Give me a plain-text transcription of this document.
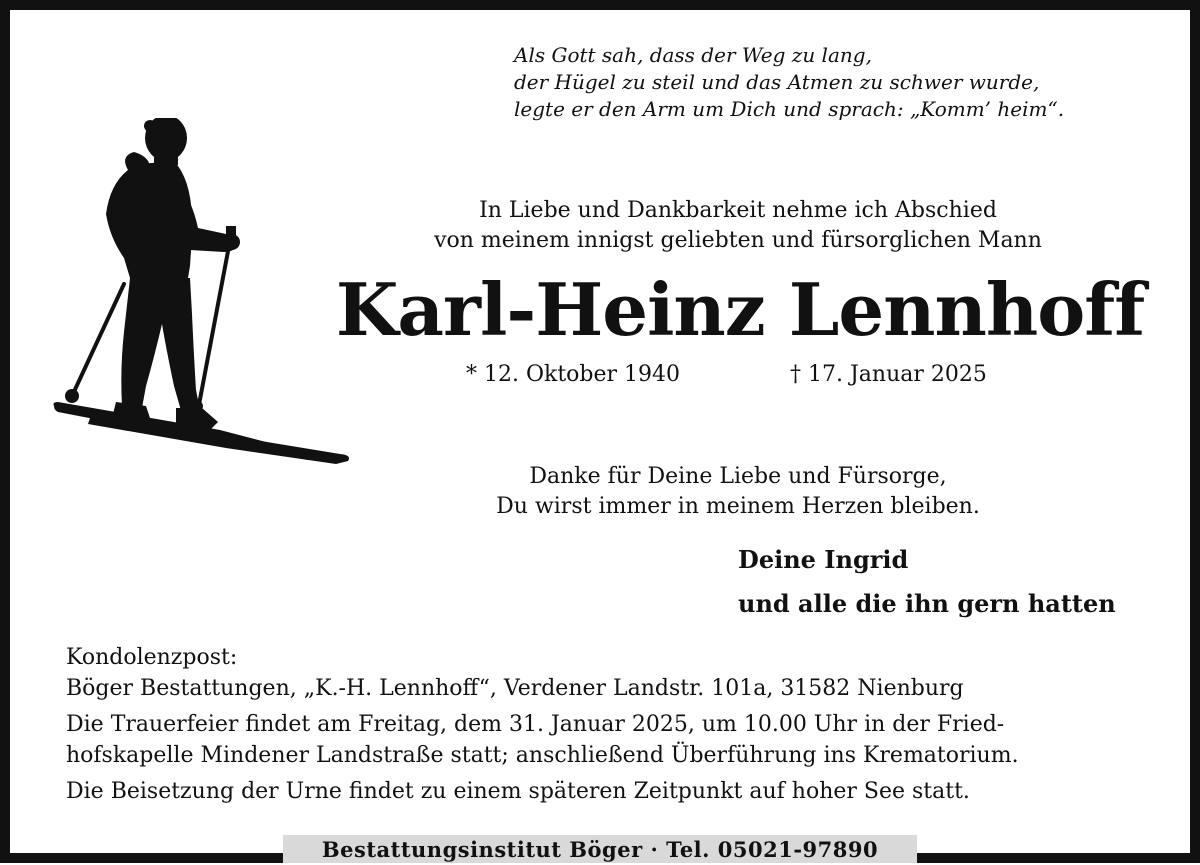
Als Gott sah, dass der Weg zu lang,
der Hügel zu steil und das Atmen zu schwer wurde,
legte er den Arm um Dich und sprach: „Komm’ heim“.
In Liebe und Dankbarkeit nehme ich Abschied
von meinem innigst geliebten und fürsorglichen Mann
Karl-Heinz Lennhoff
* 12. Oktober 1940	† 17. Januar 2025
Danke für Deine Liebe und Fürsorge,
Du wirst immer in meinem Herzen bleiben.
Deine Ingrid
und alle die ihn gern hatten
Kondolenzpost:
Böger Bestattungen, „K.-H. Lennhoff“, Verdener Landstr. 101a, 31582 Nienburg
Die Trauerfeier findet am Freitag, dem 31. Januar 2025, um 10.00 Uhr in der Fried-
hofskapelle Mindener Landstraße statt; anschließend Überführung ins Krematorium.
Die Beisetzung der Urne findet zu einem späteren Zeitpunkt auf hoher See statt.
Bestattungsinstitut Böger · Tel. 05021-97890
